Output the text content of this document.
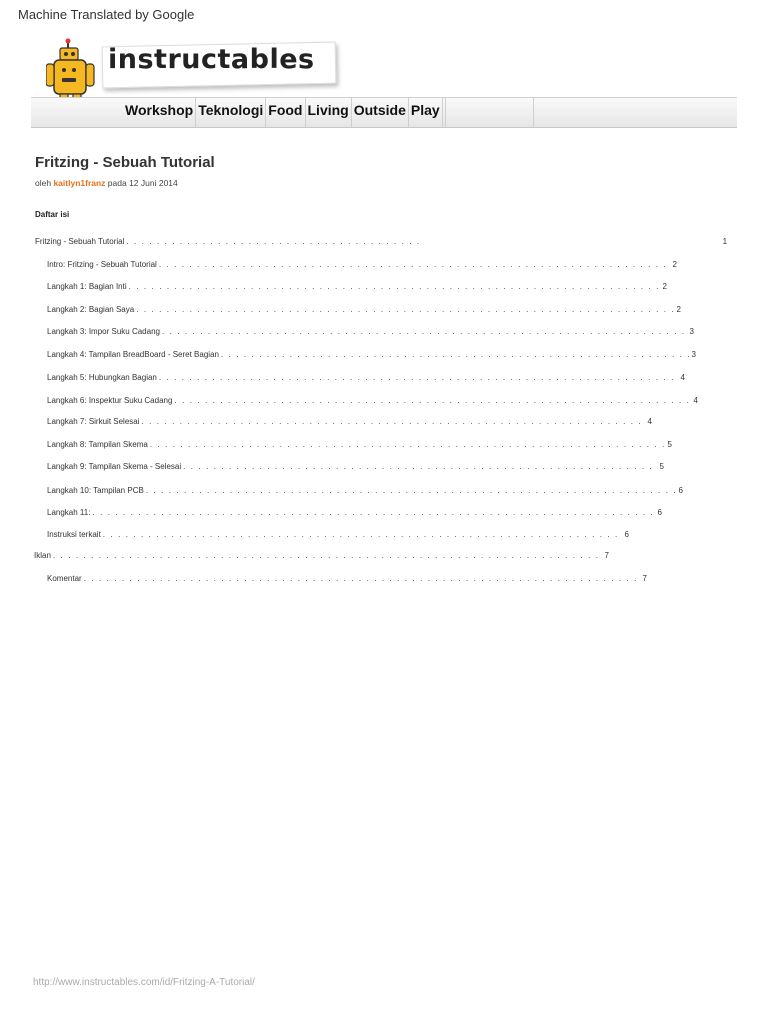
Machine Translated by Google
instructables
Workshop Teknologi Food Living Outside Play
Fritzing - Sebuah Tutorial
oleh kaitlyn1franz pada 12 Juni 2014
Daftar isi
Fritzing - Sebuah Tutorial . . .	1
Intro: Fritzing - Sebuah Tutorial . . .	2
Langkah 1: Bagian Inti . . .	2
Langkah 2: Bagian Saya . . .	2
Langkah 3: Impor Suku Cadang . . .	3
Langkah 4: Tampilan BreadBoard - Seret Bagian . . .	3
Langkah 5: Hubungkan Bagian . . .	4
Langkah 6: Inspektur Suku Cadang . . .	4
Langkah 7: Sirkuit Selesai . . .	4
Langkah 8: Tampilan Skema . . .	5
Langkah 9: Tampilan Skema - Selesai . . .	5
Langkah 10: Tampilan PCB . . .	6
Langkah 11: . . .	6
Instruksi terkait . . .	6
Iklan . . .	7
Komentar . . .	7
http://www.instructables.com/id/Fritzing-A-Tutorial/
